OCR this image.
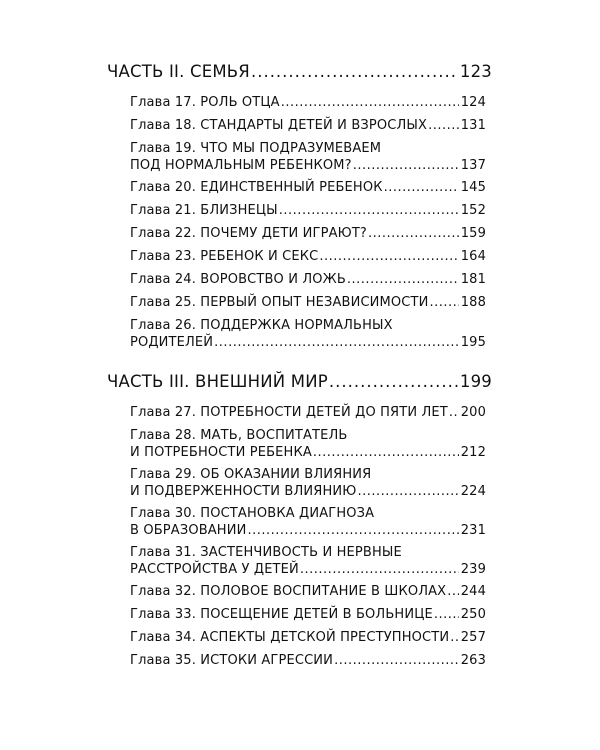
ЧАСТЬ II. СЕМЬЯ .....	123
Глава 17. РОЛЬ ОТЦА .....	124
Глава 18. СТАНДАРТЫ ДЕТЕЙ И ВЗРОСЛЫХ .....	131
Глава 19. ЧТО МЫ ПОДРАЗУМЕВАЕМ
ПОД НОРМАЛЬНЫМ РЕБЕНКОМ? .....	137
Глава 20. ЕДИНСТВЕННЫЙ РЕБЕНОК .....	145
Глава 21. БЛИЗНЕЦЫ .....	152
Глава 22. ПОЧЕМУ ДЕТИ ИГРАЮТ? .....	159
Глава 23. РЕБЕНОК И СЕКС .....	164
Глава 24. ВОРОВСТВО И ЛОЖЬ .....	181
Глава 25. ПЕРВЫЙ ОПЫТ НЕЗАВИСИМОСТИ ..... 188
Глава 26. ПОДДЕРЖКА НОРМАЛЬНЫХ
РОДИТЕЛЕЙ .....	195
ЧАСТЬ III. ВНЕШНИЙ МИР .....	199
Глава 27. ПОТРЕБНОСТИ ДЕТЕЙ ДО ПЯТИ ЛЕТ ..... 200
Глава 28. МАТЬ, ВОСПИТАТЕЛЬ
И ПОТРЕБНОСТИ РЕБЕНКА .....	212
Глава 29. ОБ ОКАЗАНИИ ВЛИЯНИЯ
И ПОДВЕРЖЕННОСТИ ВЛИЯНИЮ .....	224
Глава 30. ПОСТАНОВКА ДИАГНОЗА
В ОБРАЗОВАНИИ .....	231
Глава 31. ЗАСТЕНЧИВОСТЬ И НЕРВНЫЕ
РАССТРОЙСТВА У ДЕТЕЙ .....	239
Глава 32. ПОЛОВОЕ ВОСПИТАНИЕ В ШКОЛАХ ..... 244
Глава 33. ПОСЕЩЕНИЕ ДЕТЕЙ В БОЛЬНИЦЕ ..... 250
Глава 34. АСПЕКТЫ ДЕТСКОЙ ПРЕСТУПНОСТИ ..... 257
Глава 35. ИСТОКИ АГРЕССИИ .....	263
